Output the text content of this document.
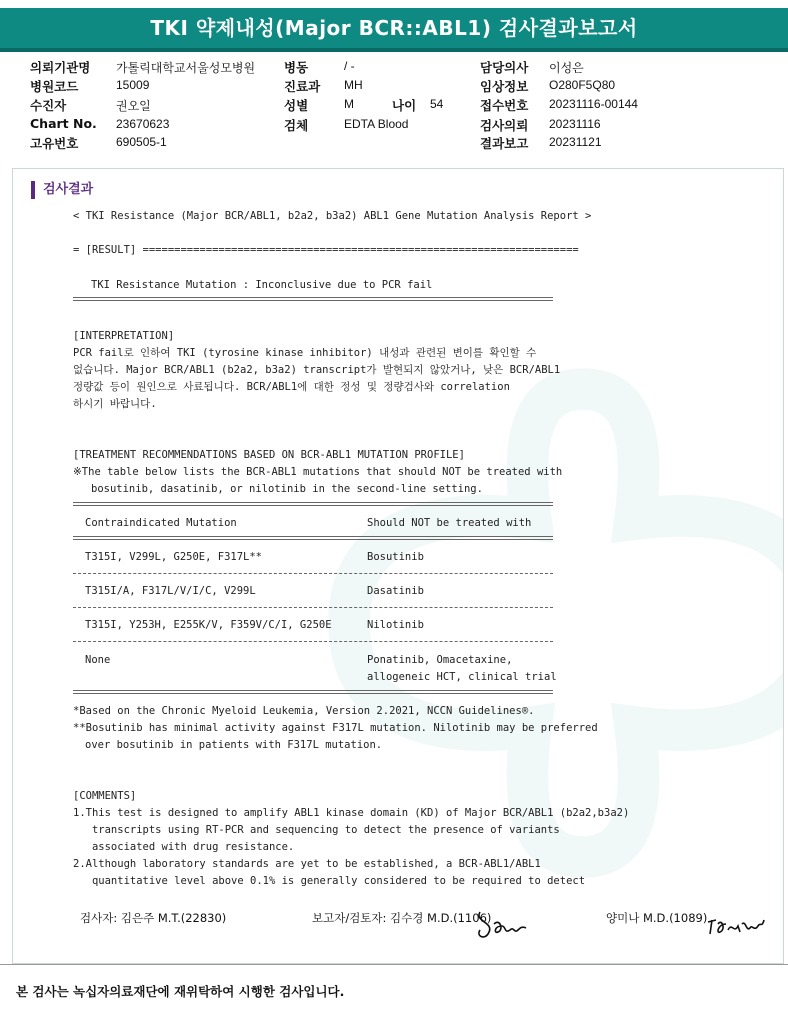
TKI 약제내성(Major BCR::ABL1) 검사결과보고서
의뢰기관명 가톨릭대학교서울성모병원
병원코드	15009
수진자	권오일
Chart No. 23670623
고유번호	690505-1
병동	/ -
진료과 MH
성별	M	나이 54
검체	EDTA Blood
담당의사 이성은
임상정보 O280F5Q80
접수번호 20231116-00144
검사의뢰 20231116
결과보고 20231121
검사결과
< TKI Resistance (Major BCR/ABL1, b2a2, b3a2) ABL1 Gene Mutation Analysis Report >
= [RESULT] =====================================================================
TKI Resistance Mutation : Inconclusive due to PCR fail
[INTERPRETATION]
PCR fail로 인하여 TKI (tyrosine kinase inhibitor) 내성과 관련된 변이를 확인할 수
없습니다. Major BCR/ABL1 (b2a2, b3a2) transcript가 발현되지 않았거나, 낮은 BCR/ABL1
정량값 등이 원인으로 사료됩니다. BCR/ABL1에 대한 정성 및 정량검사와 correlation
하시기 바랍니다.
[TREATMENT RECOMMENDATIONS BASED ON BCR-ABL1 MUTATION PROFILE]
※The table below lists the BCR-ABL1 mutations that should NOT be treated with
bosutinib, dasatinib, or nilotinib in the second-line setting.
Contraindicated Mutation	Should NOT be treated with
T315I, V299L, G250E, F317L**	Bosutinib
T315I/A, F317L/V/I/C, V299L	Dasatinib
T315I, Y253H, E255K/V, F359V/C/I, G250E	Nilotinib
None	Ponatinib, Omacetaxine,
allogeneic HCT, clinical trial
*Based on the Chronic Myeloid Leukemia, Version 2.2021, NCCN Guidelines®.
**Bosutinib has minimal activity against F317L mutation. Nilotinib may be preferred
over bosutinib in patients with F317L mutation.
[COMMENTS]
1.This test is designed to amplify ABL1 kinase domain (KD) of Major BCR/ABL1 (b2a2,b3a2)
transcripts using RT-PCR and sequencing to detect the presence of variants
associated with drug resistance.
2.Although laboratory standards are yet to be established, a BCR-ABL1/ABL1
quantitative level above 0.1% is generally considered to be required to detect
검사자: 김은주 M.T.(22830)	보고자/검토자: 김수경 M.D.(1106)	양미나 M.D.(1089)
본 검사는 녹십자의료재단에 재위탁하여 시행한 검사입니다.
